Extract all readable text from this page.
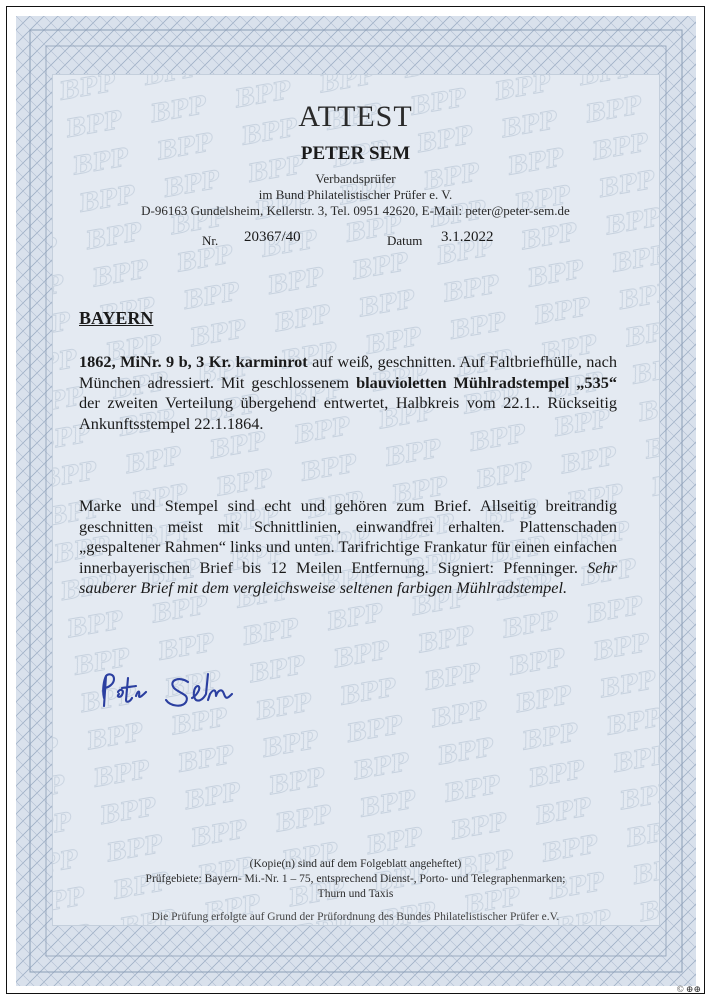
ATTEST
PETER SEM
Verbandsprüfer
im Bund Philatelistischer Prüfer e. V.
D-96163 Gundelsheim, Kellerstr. 3, Tel. 0951 42620, E-Mail: peter@peter-sem.de
Nr. 20367/40	Datum 3.1.2022
BAYERN

1862, MiNr. 9 b, 3 Kr. karminrot auf weiß, geschnitten. Auf Faltbriefhülle, nach München adressiert. Mit geschlossenem blauvioletten Mühlradstempel „535“ der zweiten Verteilung übergehend entwertet, Halbkreis vom 22.1.. Rückseitig Ankunftsstempel 22.1.1864.

Marke und Stempel sind echt und gehören zum Brief. Allseitig breitrandig geschnitten meist mit Schnittlinien, einwandfrei erhalten. Plattenschaden „gespaltener Rahmen“ links und unten. Tarifrichtige Frankatur für einen einfachen innerbayerischen Brief bis 12 Meilen Entfernung. Signiert: Pfenninger. Sehr sauberer Brief mit dem vergleichsweise seltenen farbigen Mühlradstempel.

(Kopie(n) sind auf dem Folgeblatt angeheftet)
Prüfgebiete: Bayern- Mi.-Nr. 1 – 75, entsprechend Dienst-, Porto- und Telegraphenmarken;
Thurn und Taxis
Die Prüfung erfolgte auf Grund der Prüfordnung des Bundes Philatelistischer Prüfer e.V.
© ⊕⊕
